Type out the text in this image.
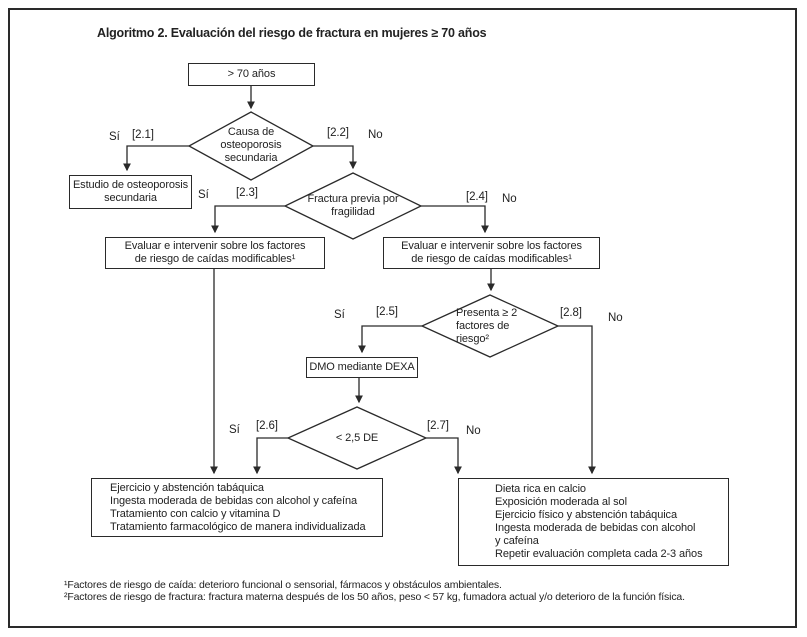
Algoritmo 2. Evaluación del riesgo de fractura en mujeres ≥ 70 años
> 70 años
Estudio de osteoporosis
secundaria
Evaluar e intervenir sobre los factores
de riesgo de caídas modificables¹
Evaluar e intervenir sobre los factores
de riesgo de caídas modificables¹
DMO mediante DEXA
Ejercicio y abstención tabáquica
Ingesta moderada de bebidas con alcohol y cafeína
Tratamiento con calcio y vitamina D
Tratamiento farmacológico de manera individualizada
Dieta rica en calcio
Exposición moderada al sol
Ejercicio físico y abstención tabáquica
Ingesta moderada de bebidas con alcohol
y cafeína
Repetir evaluación completa cada 2-3 años
Causa de
osteoporosis
secundaria
Fractura previa por
fragilidad
Presenta ≥ 2
factores de
riesgo²
< 2,5 DE
Sí [2.1]	[2.2] No
Sí [2.3]	[2.4] No
Sí	[2.5]	[2.8] No
Sí [2.6]	[2.7] No
¹Factores de riesgo de caída: deterioro funcional o sensorial, fármacos y obstáculos ambientales.
²Factores de riesgo de fractura: fractura materna después de los 50 años, peso < 57 kg, fumadora actual y/o deterioro de la función física.
